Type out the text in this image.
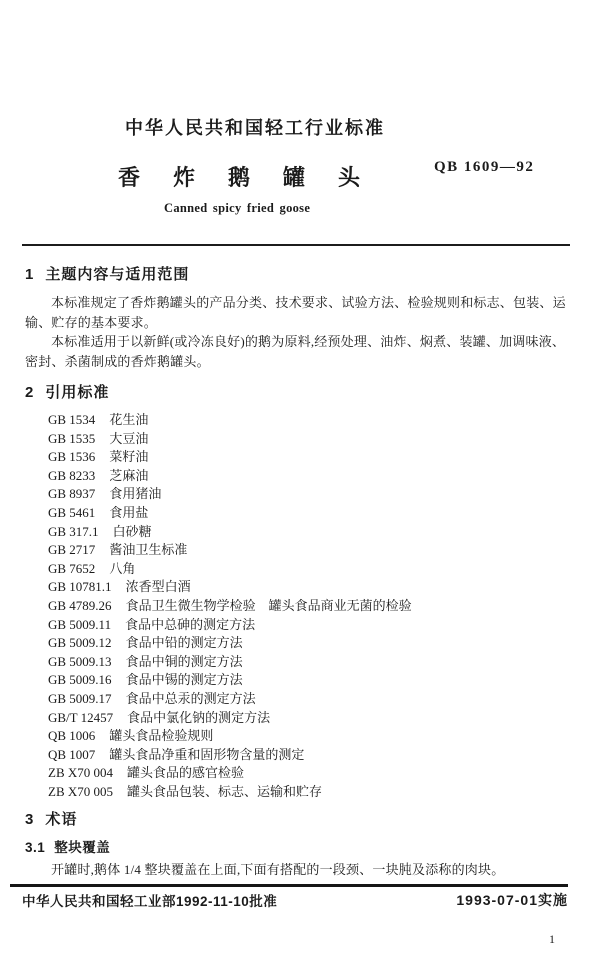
中华人民共和国轻工行业标准
香炸鹅罐头	QB 1609—92
Canned spicy fried goose
1 主题内容与适用范围

本标准规定了香炸鹅罐头的产品分类、技术要求、试验方法、检验规则和标志、包装、运输、贮存的基本要求。

本标准适用于以新鲜(或冷冻良好)的鹅为原料,经预处理、油炸、焖煮、装罐、加调味液、密封、杀菌制成的香炸鹅罐头。

2 引用标准
GB 1534 花生油
GB 1535 大豆油
GB 1536 菜籽油
GB 8233 芝麻油
GB 8937 食用猪油
GB 5461 食用盐
GB 317.1 白砂糖
GB 2717 酱油卫生标准
GB 7652 八角
GB 10781.1 浓香型白酒
GB 4789.26 食品卫生微生物学检验　罐头食品商业无菌的检验
GB 5009.11 食品中总砷的测定方法
GB 5009.12 食品中铅的测定方法
GB 5009.13 食品中铜的测定方法
GB 5009.16 食品中锡的测定方法
GB 5009.17 食品中总汞的测定方法
GB/T 12457 食品中氯化钠的测定方法
QB 1006 罐头食品检验规则
QB 1007 罐头食品净重和固形物含量的测定
ZB X70 004 罐头食品的感官检验
ZB X70 005 罐头食品包装、标志、运输和贮存
3 术语
3.1 整块覆盖

开罐时,鹅体 1/4 整块覆盖在上面,下面有搭配的一段颈、一块肫及添称的肉块。

中华人民共和国轻工业部1992-11-10批准	1993-07-01实施
1
